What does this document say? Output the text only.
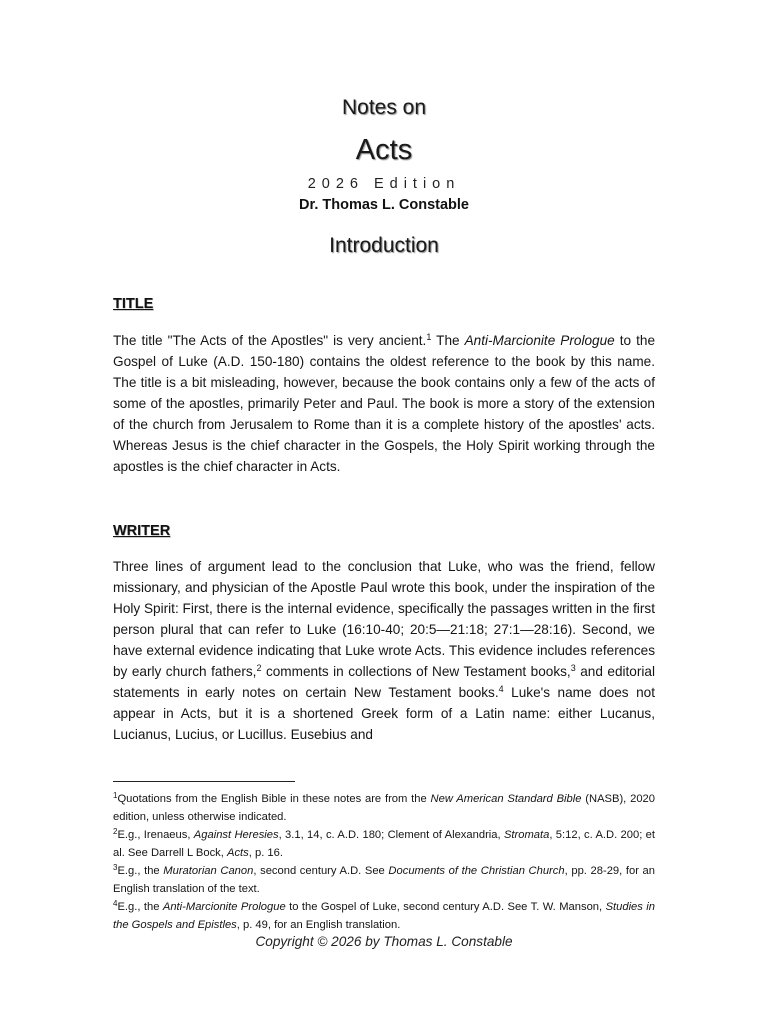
Notes on
Acts
2026 Edition
Dr. Thomas L. Constable
Introduction
TITLE

The title "The Acts of the Apostles" is very ancient.$^1$ The Anti-Marcionite Prologue to the Gospel of Luke (A.D. 150-180) contains the oldest reference to the book by this name. The title is a bit misleading, however, because the book contains only a few of the acts of some of the apostles, primarily Peter and Paul. The book is more a story of the extension of the church from Jerusalem to Rome than it is a complete history of the apostles' acts. Whereas Jesus is the chief character in the Gospels, the Holy Spirit working through the apostles is the chief character in Acts.

WRITER

Three lines of argument lead to the conclusion that Luke, who was the friend, fellow missionary, and physician of the Apostle Paul wrote this book, under the inspiration of the Holy Spirit: First, there is the internal evidence, specifically the passages written in the first person plural that can refer to Luke (16:10-40; 20:5—21:18; 27:1—28:16). Second, we have external evidence indicating that Luke wrote Acts. This evidence includes references by early church fathers,$^2$ comments in collections of New Testament books,$^3$ and editorial statements in early notes on certain New Testament books.$^4$ Luke's name does not appear in Acts, but it is a shortened Greek form of a Latin name: either Lucanus, Lucianus, Lucius, or Lucillus. Eusebius and

$^1$Quotations from the English Bible in these notes are from the New American Standard Bible (NASB), 2020 edition, unless otherwise indicated.

$^2$E.g., Irenaeus, Against Heresies, 3.1, 14, c. A.D. 180; Clement of Alexandria, Stromata, 5:12, c. A.D. 200; et al. See Darrell L Bock, Acts, p. 16.

$^3$E.g., the Muratorian Canon, second century A.D. See Documents of the Christian Church, pp. 28-29, for an English translation of the text.

$^4$E.g., the Anti-Marcionite Prologue to the Gospel of Luke, second century A.D. See T. W. Manson, Studies in the Gospels and Epistles, p. 49, for an English translation.

Copyright © 2026 by Thomas L. Constable
